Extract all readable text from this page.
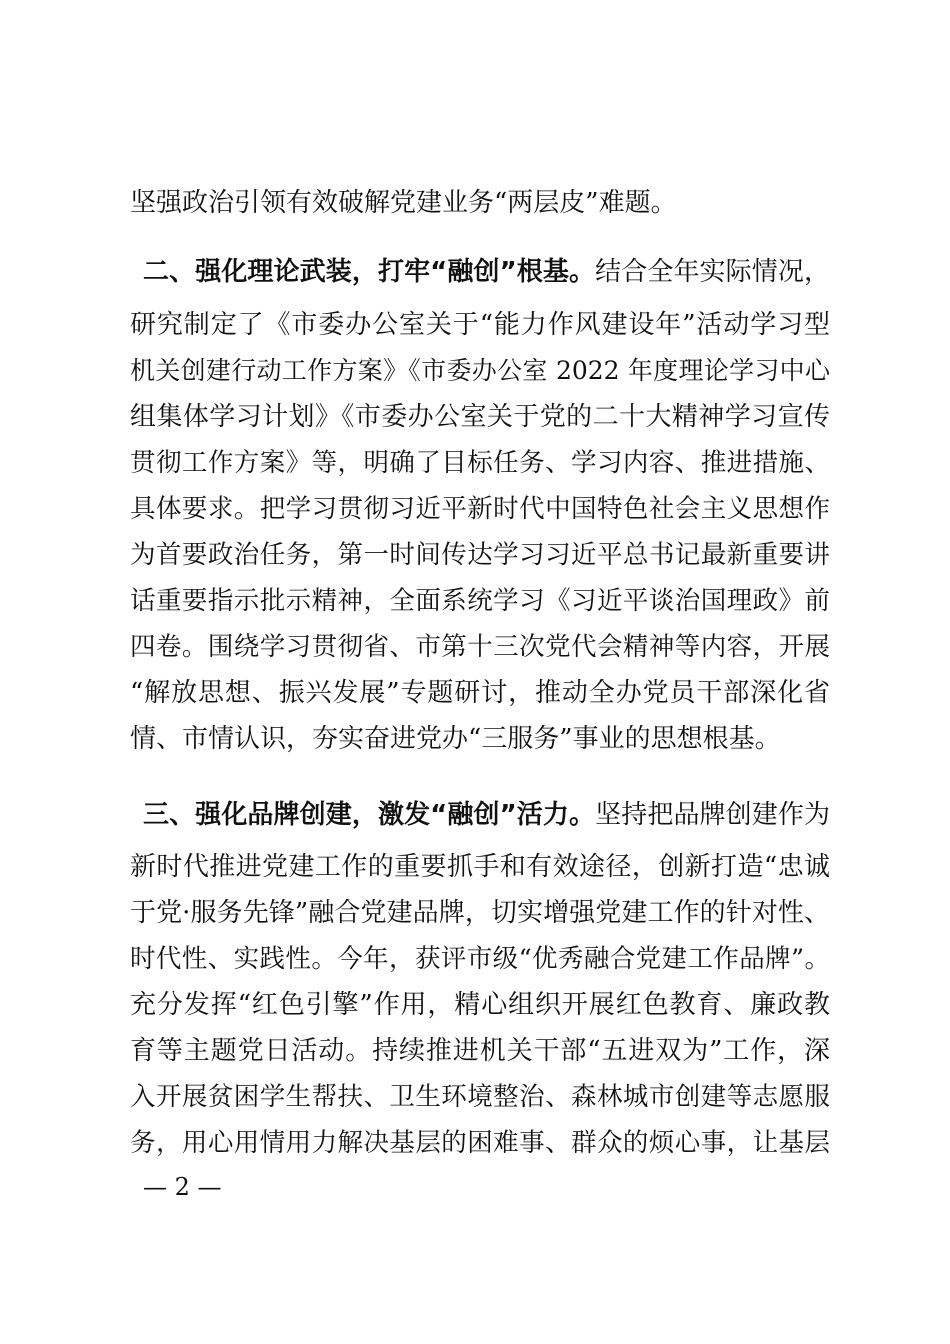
坚强政治引领有效破解党建业务“两层皮”难题。
二、强化理论武装，打牢“融创”根基。结合全年实际情况，
研究制定了《市委办公室关于“能力作风建设年”活动学习型
机关创建行动工作方案》《市委办公室 2022 年度理论学习中心
组集体学习计划》《市委办公室关于党的二十大精神学习宣传
贯彻工作方案》等，明确了目标任务、学习内容、推进措施、
具体要求。把学习贯彻习近平新时代中国特色社会主义思想作
为首要政治任务，第一时间传达学习习近平总书记最新重要讲
话重要指示批示精神，全面系统学习《习近平谈治国理政》前
四卷。围绕学习贯彻省、市第十三次党代会精神等内容，开展
“解放思想、振兴发展”专题研讨，推动全办党员干部深化省
情、市情认识，夯实奋进党办“三服务”事业的思想根基。
三、强化品牌创建，激发“融创”活力。坚持把品牌创建作为
新时代推进党建工作的重要抓手和有效途径，创新打造“忠诚
于党·服务先锋”融合党建品牌，切实增强党建工作的针对性、
时代性、实践性。今年，获评市级“优秀融合党建工作品牌”。
充分发挥“红色引擎”作用，精心组织开展红色教育、廉政教
育等主题党日活动。持续推进机关干部“五进双为”工作，深
入开展贫困学生帮扶、卫生环境整治、森林城市创建等志愿服
务，用心用情用力解决基层的困难事、群众的烦心事，让基层
— 2 —
